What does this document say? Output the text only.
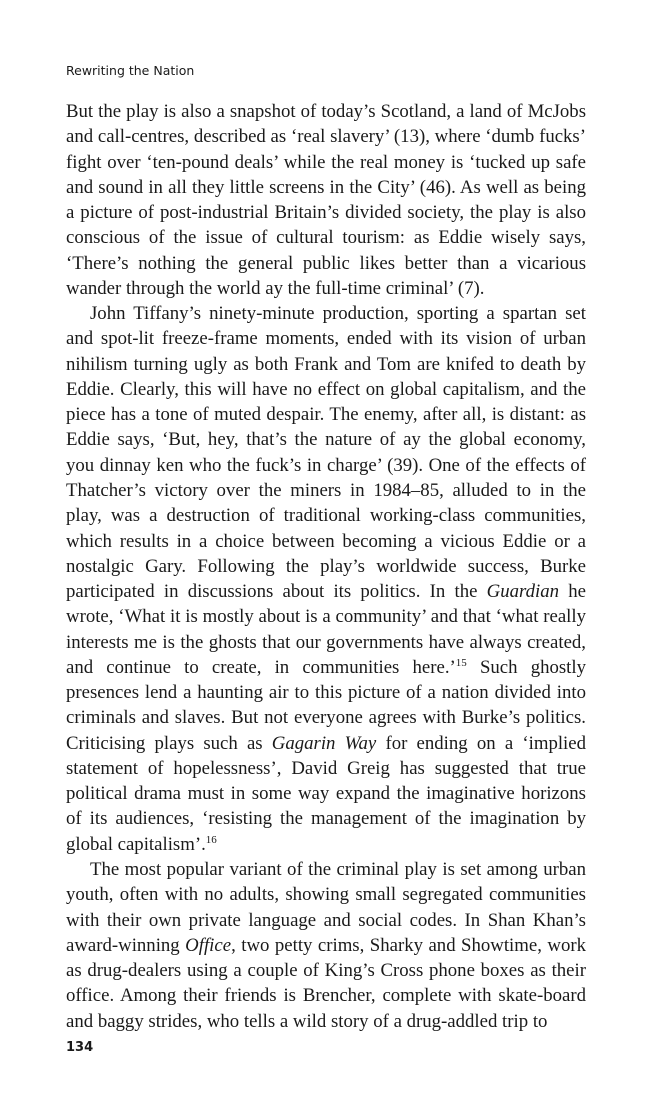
Rewriting the Nation

But the play is also a snapshot of today’s Scotland, a land of McJobs and call-centres, described as ‘real slavery’ (13), where ‘dumb fucks’ fight over ‘ten-pound deals’ while the real money is ‘tucked up safe and sound in all they little screens in the City’ (46). As well as being a picture of post-industrial Britain’s divided society, the play is also conscious of the issue of cultural tourism: as Eddie wisely says, ‘There’s nothing the general public likes better than a vicarious wander through the world ay the full-time criminal’ (7).

John Tiffany’s ninety-minute production, sporting a spartan set and spot-lit freeze-frame moments, ended with its vision of urban nihilism turning ugly as both Frank and Tom are knifed to death by Eddie. Clearly, this will have no effect on global capitalism, and the piece has a tone of muted despair. The enemy, after all, is distant: as Eddie says, ‘But, hey, that’s the nature of ay the global economy, you dinnay ken who the fuck’s in charge’ (39). One of the effects of Thatcher’s victory over the miners in 1984–85, alluded to in the play, was a destruction of traditional working-class communities, which results in a choice between becoming a vicious Eddie or a nostalgic Gary. Following the play’s worldwide success, Burke participated in discussions about its politics. In the Guardian he wrote, ‘What it is mostly about is a community’ and that ‘what really interests me is the ghosts that our governments have always created, and continue to create, in communities here.’$^{15}$ Such ghostly presences lend a haunting air to this picture of a nation divided into criminals and slaves. But not everyone agrees with Burke’s politics. Criticising plays such as Gagarin Way for ending on a ‘implied statement of hopelessness’, David Greig has suggested that true political drama must in some way expand the imaginative horizons of its audiences, ‘resisting the management of the imagination by global capitalism’.$^{16}$

The most popular variant of the criminal play is set among urban youth, often with no adults, showing small segregated communities with their own private language and social codes. In Shan Khan’s award-winning Office, two petty crims, Sharky and Showtime, work as drug-dealers using a couple of King’s Cross phone boxes as their office. Among their friends is Brencher, complete with skate-board and baggy strides, who tells a wild story of a drug-addled trip to

134
